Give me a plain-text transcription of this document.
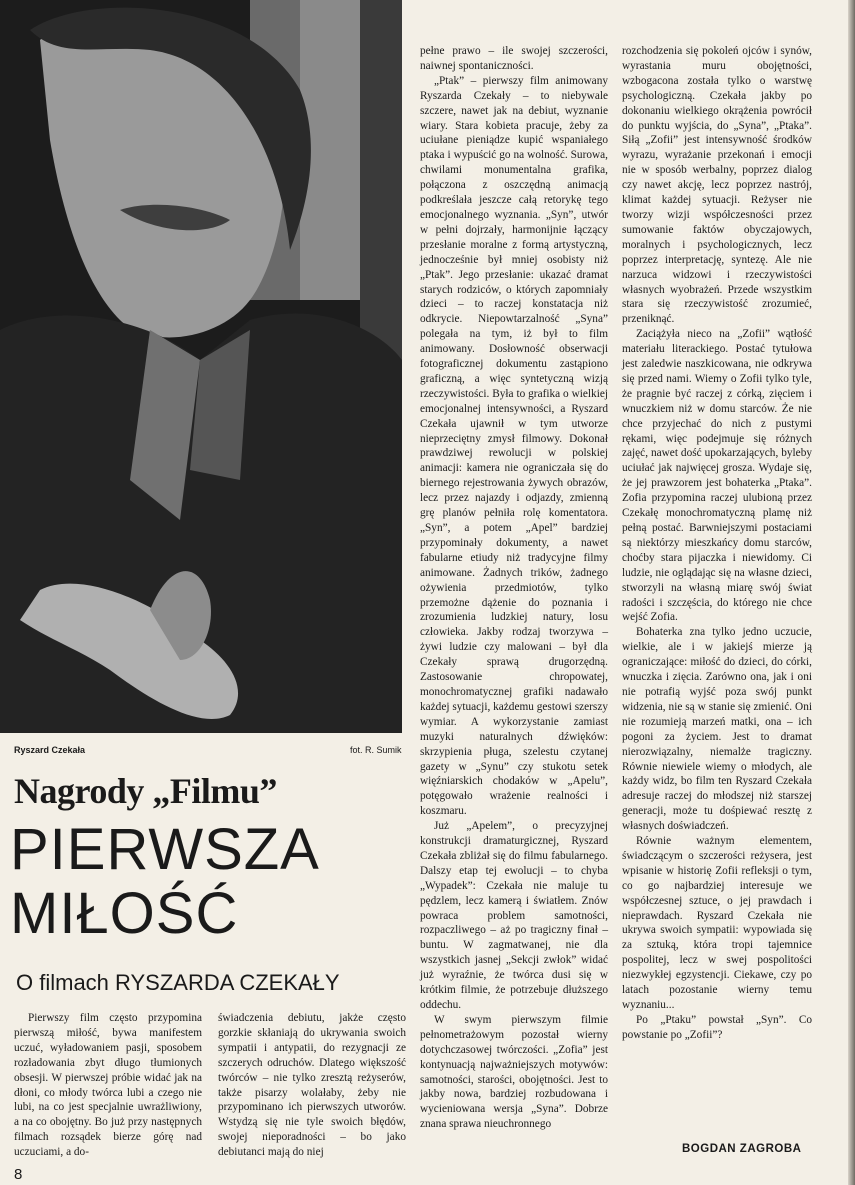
Ryszard Czekała	fot. R. Sumik
Nagrody „Filmu”
PIERWSZA
MIŁOŚĆ
O filmach RYSZARDA CZEKAŁY

Pierwszy film często przypomina pierwszą miłość, bywa manifestem uczuć, wyładowaniem pasji, sposobem rozładowania zbyt długo tłumionych obsesji. W pierwszej próbie widać jak na dłoni, co młody twórca lubi a czego nie lubi, na co jest specjalnie uwrażliwiony, a na co obojętny. Bo już przy następnych filmach rozsądek bierze górę nad uczuciami, a do-

świadczenia debiutu, jakże często gorzkie skłaniają do ukrywania swoich sympatii i antypatii, do rezygnacji ze szczerych odruchów. Dlatego większość twórców – nie tylko zresztą reżyserów, także pisarzy wolałaby, żeby nie przypominano ich pierwszych utworów. Wstydzą się nie tyle swoich błędów, swojej nieporadności – bo jako debiutanci mają do niej

pełne prawo – ile swojej szczerości, naiwnej spontaniczności.

„Ptak” – pierwszy film animowany Ryszarda Czekały – to niebywale szczere, nawet jak na debiut, wyznanie wiary. Stara kobieta pracuje, żeby za uciułane pieniądze kupić wspaniałego ptaka i wypuścić go na wolność. Surowa, chwilami monumentalna grafika, połączona z oszczędną animacją podkreślała jeszcze całą retorykę tego emocjonalnego wyznania. „Syn”, utwór w pełni dojrzały, harmonijnie łączący przesłanie moralne z formą artystyczną, jednocześnie był mniej osobisty niż „Ptak”. Jego przesłanie: ukazać dramat starych rodziców, o których zapomniały dzieci – to raczej konstatacja niż odkrycie. Niepowtarzalność „Syna” polegała na tym, iż był to film animowany. Dosłowność obserwacji fotograficznej dokumentu zastąpiono graficzną, a więc syntetyczną wizją rzeczywistości. Była to grafika o wielkiej emocjonalnej intensywności, a Ryszard Czekała ujawnił w tym utworze nieprzeciętny zmysł filmowy. Dokonał prawdziwej rewolucji w polskiej animacji: kamera nie ograniczała się do biernego rejestrowania żywych obrazów, lecz przez najazdy i odjazdy, zmienną grę planów pełniła rolę komentatora. „Syn”, a potem „Apel” bardziej przypominały dokumenty, a nawet fabularne etiudy niż tradycyjne filmy animowane. Żadnych trików, żadnego ożywienia przedmiotów, tylko przemożne dążenie do poznania i zrozumienia ludzkiej natury, losu człowieka. Jakby rodzaj tworzywa – żywi ludzie czy malowani – był dla Czekały sprawą drugorzędną. Zastosowanie chropowatej, monochromatycznej grafiki nadawało każdej sytuacji, każdemu gestowi szerszy wymiar. A wykorzystanie zamiast muzyki naturalnych dźwięków: skrzypienia pługa, szelestu czytanej gazety w „Synu” czy stukotu setek więźniarskich chodaków w „Apelu”, potęgowało wrażenie realności i koszmaru.

Już „Apelem”, o precyzyjnej konstrukcji dramaturgicznej, Ryszard Czekała zbliżał się do filmu fabularnego. Dalszy etap tej ewolucji – to chyba „Wypadek”: Czekała nie maluje tu pędzlem, lecz kamerą i światłem. Znów powraca problem samotności, rozpaczliwego – aż po tragiczny finał – buntu. W zagmatwanej, nie dla wszystkich jasnej „Sekcji zwłok” widać już wyraźnie, że twórca dusi się w krótkim filmie, że potrzebuje dłuższego oddechu.

W swym pierwszym filmie pełnometrażowym pozostał wierny dotychczasowej twórczości. „Zofia” jest kontynuacją najważniejszych motywów: samotności, starości, obojętności. Jest to jakby nowa, bardziej rozbudowana i wycieniowana wersja „Syna”. Dobrze znana sprawa nieuchronnego

rozchodzenia się pokoleń ojców i synów, wyrastania muru obojętności, wzbogacona została tylko o warstwę psychologiczną. Czekała jakby po dokonaniu wielkiego okrążenia powrócił do punktu wyjścia, do „Syna”, „Ptaka”. Siłą „Zofii” jest intensywność środków wyrazu, wyrażanie przekonań i emocji nie w sposób werbalny, poprzez dialog czy nawet akcję, lecz poprzez nastrój, klimat każdej sytuacji. Reżyser nie tworzy wizji współczesności przez sumowanie faktów obyczajowych, moralnych i psychologicznych, lecz poprzez interpretację, syntezę. Ale nie narzuca widzowi i rzeczywistości własnych wyobrażeń. Przede wszystkim stara się rzeczywistość zrozumieć, przeniknąć.

Zaciążyła nieco na „Zofii” wątłość materiału literackiego. Postać tytułowa jest zaledwie naszkicowana, nie odkrywa się przed nami. Wiemy o Zofii tylko tyle, że pragnie być raczej z córką, zięciem i wnuczkiem niż w domu starców. Że nie chce przyjechać do nich z pustymi rękami, więc podejmuje się różnych zajęć, nawet dość upokarzających, byleby uciułać jak najwięcej grosza. Wydaje się, że jej prawzorem jest bohaterka „Ptaka”. Zofia przypomina raczej ulubioną przez Czekałę monochromatyczną plamę niż pełną postać. Barwniejszymi postaciami są niektórzy mieszkańcy domu starców, choćby stara pijaczka i niewidomy. Ci ludzie, nie oglądając się na własne dzieci, stworzyli na własną miarę swój świat radości i szczęścia, do którego nie chce wejść Zofia.

Bohaterka zna tylko jedno uczucie, wielkie, ale i w jakiejś mierze ją ograniczające: miłość do dzieci, do córki, wnuczka i zięcia. Zarówno ona, jak i oni nie potrafią wyjść poza swój punkt widzenia, nie są w stanie się zmienić. Oni nie rozumieją marzeń matki, ona – ich pogoni za życiem. Jest to dramat nierozwiązalny, niemalże tragiczny. Równie niewiele wiemy o młodych, ale każdy widz, bo film ten Ryszard Czekała adresuje raczej do młodszej niż starszej generacji, może tu dośpiewać resztę z własnych doświadczeń.

Równie ważnym elementem, świadczącym o szczerości reżysera, jest wpisanie w historię Zofii refleksji o tym, co go najbardziej interesuje we współczesnej sztuce, o jej prawdach i nieprawdach. Ryszard Czekała nie ukrywa swoich sympatii: wypowiada się za sztuką, która tropi tajemnice pospolitej, lecz w swej pospolitości niezwykłej egzystencji. Ciekawe, czy po latach pozostanie wierny temu wyznaniu...

Po „Ptaku” powstał „Syn”. Co powstanie po „Zofii”?

BOGDAN ZAGROBA
8
